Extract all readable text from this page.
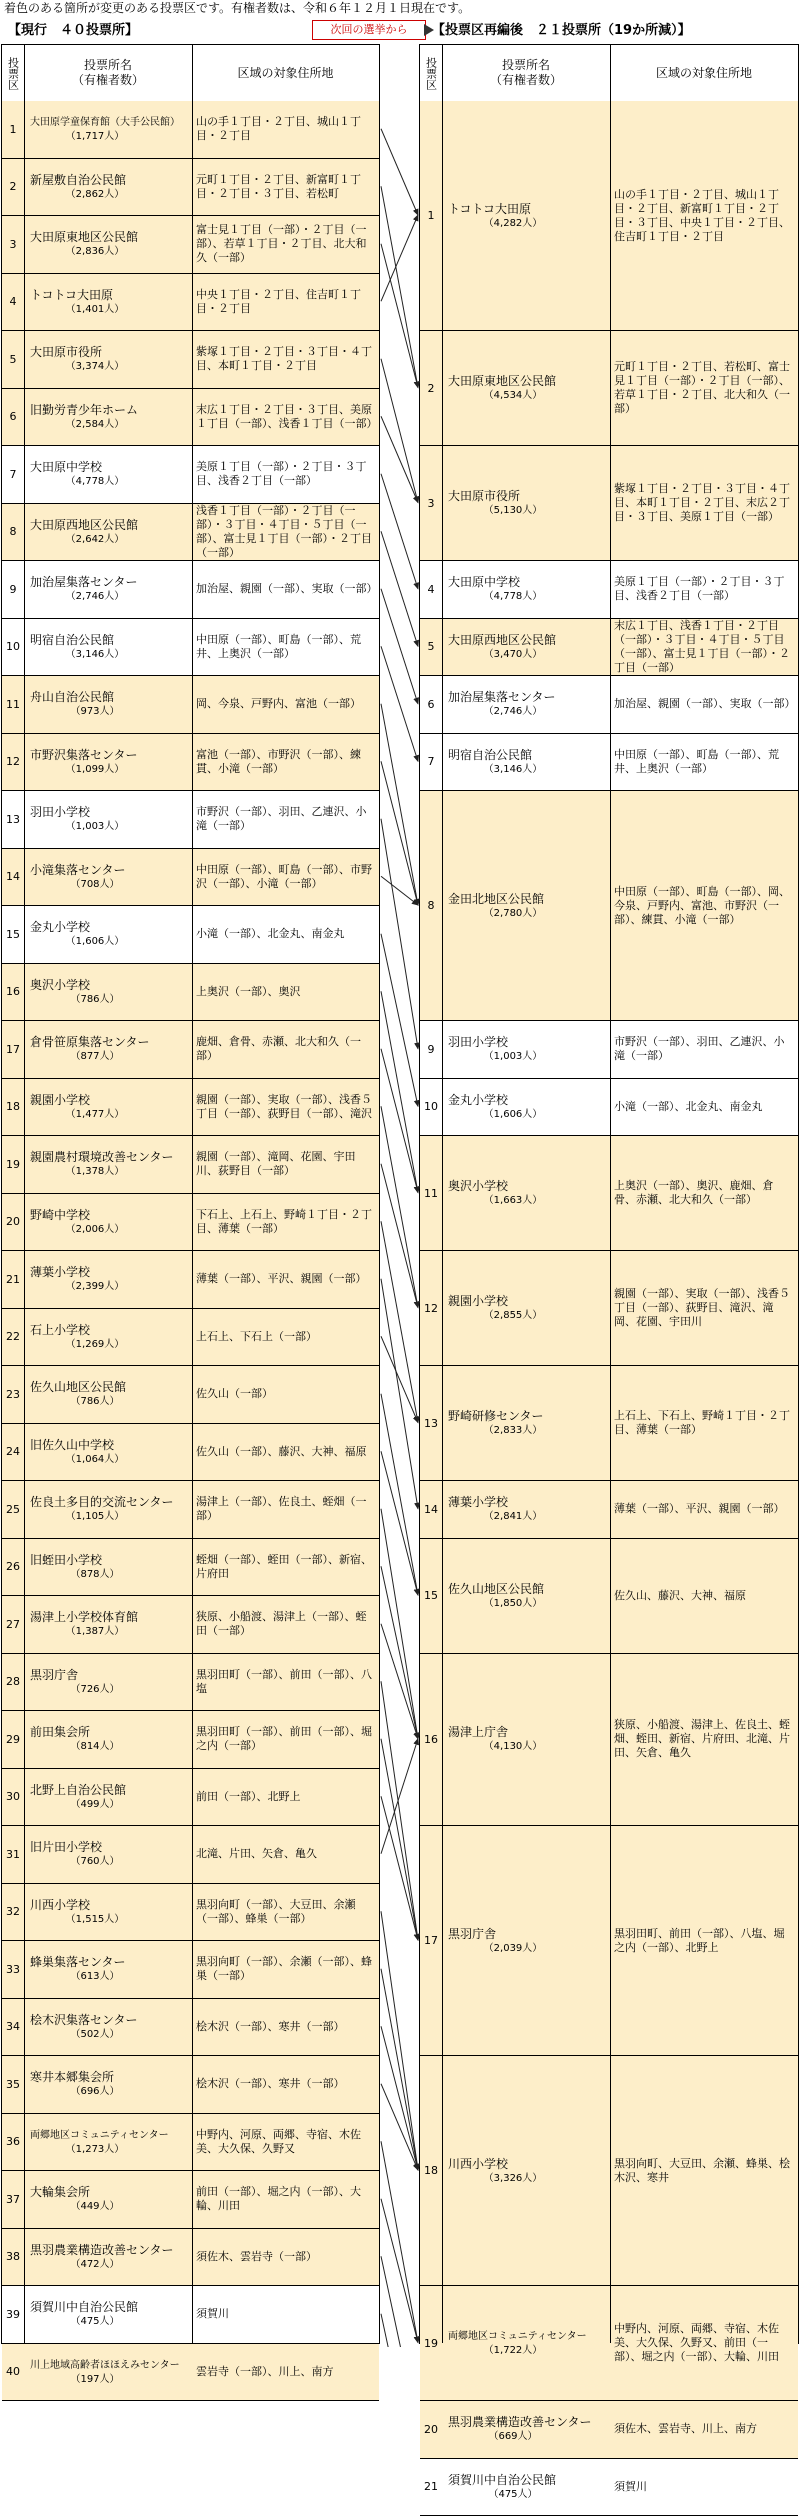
着色のある箇所が変更のある投票区です。有権者数は、令和６年１２月１日現在です。
【現行　４０投票所】	次回の選挙から	【投票区再編後　２１投票所（19か所減）】
投票区	投票所名
（有権者数）
区域の対象住所地
1	大田原学童保育館（大手公民館）
（1,717人）
山の手１丁目・２丁目、城山１丁目・２丁目
2	新屋敷自治公民館
（2,862人）
元町１丁目・２丁目、新富町１丁目・２丁目・３丁目、若松町
3	大田原東地区公民館
（2,836人）
富士見１丁目（一部）・２丁目（一部）、若草１丁目・２丁目、北大和久（一部）
4	トコトコ大田原
（1,401人）
中央１丁目・２丁目、住吉町１丁目・２丁目
5	大田原市役所
（3,374人）
紫塚１丁目・２丁目・３丁目・４丁目、本町１丁目・２丁目
6	旧勤労青少年ホーム
（2,584人）
末広１丁目・２丁目・３丁目、美原１丁目（一部）、浅香１丁目（一部）
7	大田原中学校
（4,778人）
美原１丁目（一部）・２丁目・３丁目、浅香２丁目（一部）
8	大田原西地区公民館
（2,642人）
浅香１丁目（一部）・２丁目（一部）・３丁目・４丁目・５丁目（一部）、富士見１丁目（一部）・２丁目（一部）
9	加治屋集落センター
（2,746人）
加治屋、親園（一部）、実取（一部）
10 明宿自治公民館
（3,146人）
中田原（一部）、町島（一部）、荒井、上奥沢（一部）
11 舟山自治公民館
（973人）
岡、今泉、戸野内、富池（一部）
12 市野沢集落センター
（1,099人）
富池（一部）、市野沢（一部）、練貫、小滝（一部）
13 羽田小学校
（1,003人）
市野沢（一部）、羽田、乙連沢、小滝（一部）
14 小滝集落センター
（708人）
中田原（一部）、町島（一部）、市野沢（一部）、小滝（一部）
15 金丸小学校
（1,606人）
小滝（一部）、北金丸、南金丸
16 奥沢小学校
（786人）
上奥沢（一部）、奥沢
17 倉骨笹原集落センター
（877人）
鹿畑、倉骨、赤瀬、北大和久（一部）
18 親園小学校
（1,477人）
親園（一部）、実取（一部）、浅香５丁目（一部）、荻野目（一部）、滝沢
19 親園農村環境改善センター
（1,378人）
親園（一部）、滝岡、花園、宇田川、荻野目（一部）
20 野崎中学校
（2,006人）
下石上、上石上、野崎１丁目・２丁目、薄葉（一部）
21 薄葉小学校
（2,399人）
薄葉（一部）、平沢、親園（一部）
22 石上小学校
（1,269人）
上石上、下石上（一部）
23 佐久山地区公民館
（786人）
佐久山（一部）
24 旧佐久山中学校
（1,064人）
佐久山（一部）、藤沢、大神、福原
25 佐良土多目的交流センター
（1,105人）
湯津上（一部）、佐良土、蛭畑（一部）
26 旧蛭田小学校
（878人）
蛭畑（一部）、蛭田（一部）、新宿、片府田
27 湯津上小学校体育館
（1,387人）
狭原、小船渡、湯津上（一部）、蛭田（一部）
28 黒羽庁舎
（726人）
黒羽田町（一部）、前田（一部）、八塩
29 前田集会所
（814人）
黒羽田町（一部）、前田（一部）、堀之内（一部）
30 北野上自治公民館
（499人）
前田（一部）、北野上
31 旧片田小学校
（760人）
北滝、片田、矢倉、亀久
32 川西小学校
（1,515人）
黒羽向町（一部）、大豆田、余瀬（一部）、蜂巣（一部）
33 蜂巣集落センター
（613人）
黒羽向町（一部）、余瀬（一部）、蜂巣（一部）
34 桧木沢集落センター
（502人）
桧木沢（一部）、寒井（一部）
35 寒井本郷集会所
（696人）
桧木沢（一部）、寒井（一部）
36	両郷地区コミュニティセンター
（1,273人）
中野内、河原、両郷、寺宿、木佐美、大久保、久野又
37 大輪集会所
（449人）
前田（一部）、堀之内（一部）、大輪、川田
38 黒羽農業構造改善センター
（472人）
須佐木、雲岩寺（一部）
39 須賀川中自治公民館
（475人）
須賀川
40	川上地域高齢者ほほえみセンター
（197人）
雲岩寺（一部）、川上、南方
投票区	投票所名
（有権者数）
区域の対象住所地
1	トコトコ大田原
（4,282人）
山の手１丁目・２丁目、城山１丁目・２丁目、新富町１丁目・２丁目・３丁目、中央１丁目・２丁目、住吉町１丁目・２丁目
2	大田原東地区公民館
（4,534人）
元町１丁目・２丁目、若松町、富士見１丁目（一部）・２丁目（一部）、若草１丁目・２丁目、北大和久（一部）
3	大田原市役所
（5,130人）
紫塚１丁目・２丁目・３丁目・４丁目、本町１丁目・２丁目、末広２丁目・３丁目、美原１丁目（一部）
4	大田原中学校
（4,778人）
美原１丁目（一部）・２丁目・３丁目、浅香２丁目（一部）
5	大田原西地区公民館
（3,470人）
末広１丁目、浅香１丁目・２丁目（一部）・３丁目・４丁目・５丁目（一部）、富士見１丁目（一部）・２丁目（一部）
6	加治屋集落センター
（2,746人）
加治屋、親園（一部）、実取（一部）
7	明宿自治公民館
（3,146人）
中田原（一部）、町島（一部）、荒井、上奥沢（一部）
8	金田北地区公民館
（2,780人）
中田原（一部）、町島（一部）、岡、今泉、戸野内、富池、市野沢（一部）、練貫、小滝（一部）
9	羽田小学校
（1,003人）
市野沢（一部）、羽田、乙連沢、小滝（一部）
10 金丸小学校
（1,606人）
小滝（一部）、北金丸、南金丸
11 奥沢小学校
（1,663人）
上奥沢（一部）、奥沢、鹿畑、倉骨、赤瀬、北大和久（一部）
12 親園小学校
（2,855人）
親園（一部）、実取（一部）、浅香５丁目（一部）、荻野目、滝沢、滝岡、花園、宇田川
13 野崎研修センター
（2,833人）
上石上、下石上、野崎１丁目・２丁目、薄葉（一部）
14 薄葉小学校
（2,841人）
薄葉（一部）、平沢、親園（一部）
15 佐久山地区公民館
（1,850人）
佐久山、藤沢、大神、福原
16 湯津上庁舎
（4,130人）
狭原、小船渡、湯津上、佐良土、蛭畑、蛭田、新宿、片府田、北滝、片田、矢倉、亀久
17 黒羽庁舎
（2,039人）
黒羽田町、前田（一部）、八塩、堀之内（一部）、北野上
18 川西小学校
（3,326人）
黒羽向町、大豆田、余瀬、蜂巣、桧木沢、寒井
19	両郷地区コミュニティセンター
（1,722人）
中野内、河原、両郷、寺宿、木佐美、大久保、久野又、前田（一部）、堀之内（一部）、大輪、川田
20 黒羽農業構造改善センター
（669人）
須佐木、雲岩寺、川上、南方
21 須賀川中自治公民館
（475人）
須賀川
